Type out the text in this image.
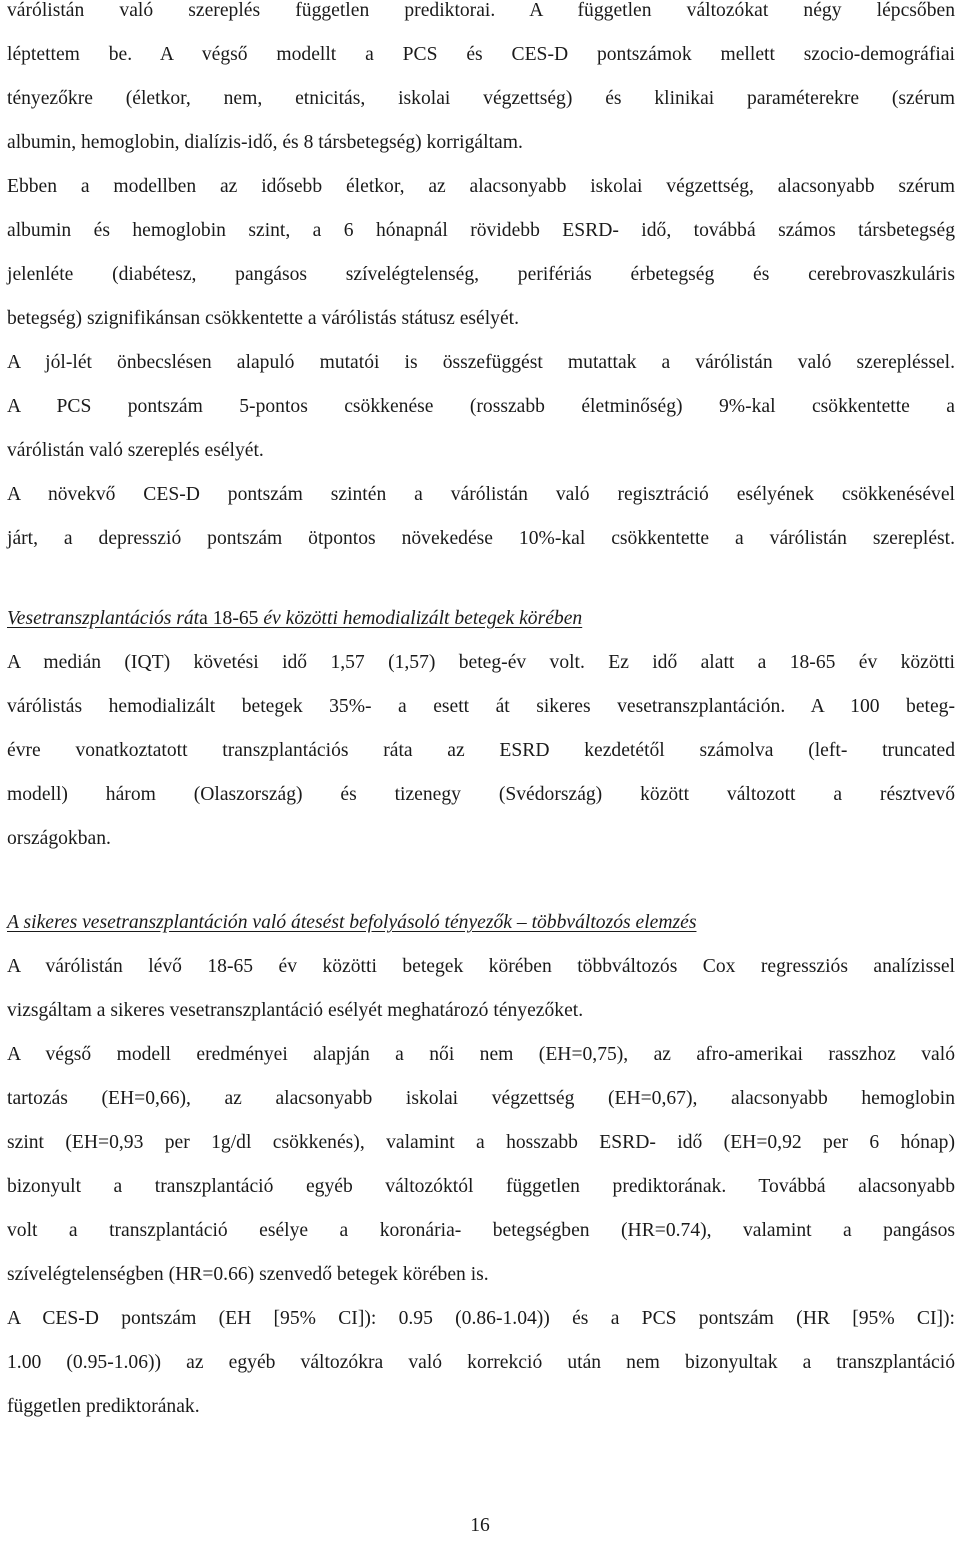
várólistán való szereplés független prediktorai. A független változókat négy lépcsőben
léptettem be. A végső modellt a PCS és CES-D pontszámok mellett szocio-demográfiai
tényezőkre (életkor, nem, etnicitás, iskolai végzettség) és klinikai paraméterekre (szérum
albumin, hemoglobin, dialízis-idő, és 8 társbetegség) korrigáltam.
Ebben a modellben az idősebb életkor, az alacsonyabb iskolai végzettség, alacsonyabb szérum
albumin és hemoglobin szint, a 6 hónapnál rövidebb ESRD- idő, továbbá számos társbetegség
jelenléte (diabétesz, pangásos szívelégtelenség, perifériás érbetegség és cerebrovaszkuláris
betegség) szignifikánsan csökkentette a várólistás státusz esélyét.
A jól-lét önbecslésen alapuló mutatói is összefüggést mutattak a várólistán való szerepléssel.
A PCS pontszám 5-pontos csökkenése (rosszabb életminőség) 9%-kal csökkentette a
várólistán való szereplés esélyét.
A növekvő CES-D pontszám szintén a várólistán való regisztráció esélyének csökkenésével
járt, a depresszió pontszám ötpontos növekedése 10%-kal csökkentette a várólistán szereplést.
Vesetranszplantációs ráta 18-65 év közötti hemodializált betegek körében
A medián (IQT) követési idő 1,57 (1,57) beteg-év volt. Ez idő alatt a 18-65 év közötti
várólistás hemodializált betegek 35%- a esett át sikeres vesetranszplantáción. A 100 beteg-
évre vonatkoztatott transzplantációs ráta az ESRD kezdetétől számolva (left- truncated
modell) három (Olaszország) és tizenegy (Svédország) között változott a résztvevő
országokban.
A sikeres vesetranszplantáción való átesést befolyásoló tényezők – többváltozós elemzés
A várólistán lévő 18-65 év közötti betegek körében többváltozós Cox regressziós analízissel
vizsgáltam a sikeres vesetranszplantáció esélyét meghatározó tényezőket.
A végső modell eredményei alapján a női nem (EH=0,75), az afro-amerikai rasszhoz való
tartozás (EH=0,66), az alacsonyabb iskolai végzettség (EH=0,67), alacsonyabb hemoglobin
szint (EH=0,93 per 1g/dl csökkenés), valamint a hosszabb ESRD- idő (EH=0,92 per 6 hónap)
bizonyult a transzplantáció egyéb változóktól független prediktorának. Továbbá alacsonyabb
volt a transzplantáció esélye a koronária- betegségben (HR=0.74), valamint a pangásos
szívelégtelenségben (HR=0.66) szenvedő betegek körében is.
A CES-D pontszám (EH [95% CI]): 0.95 (0.86-1.04)) és a PCS pontszám (HR [95% CI]):
1.00 (0.95-1.06)) az egyéb változókra való korrekció után nem bizonyultak a transzplantáció
független prediktorának.
16
